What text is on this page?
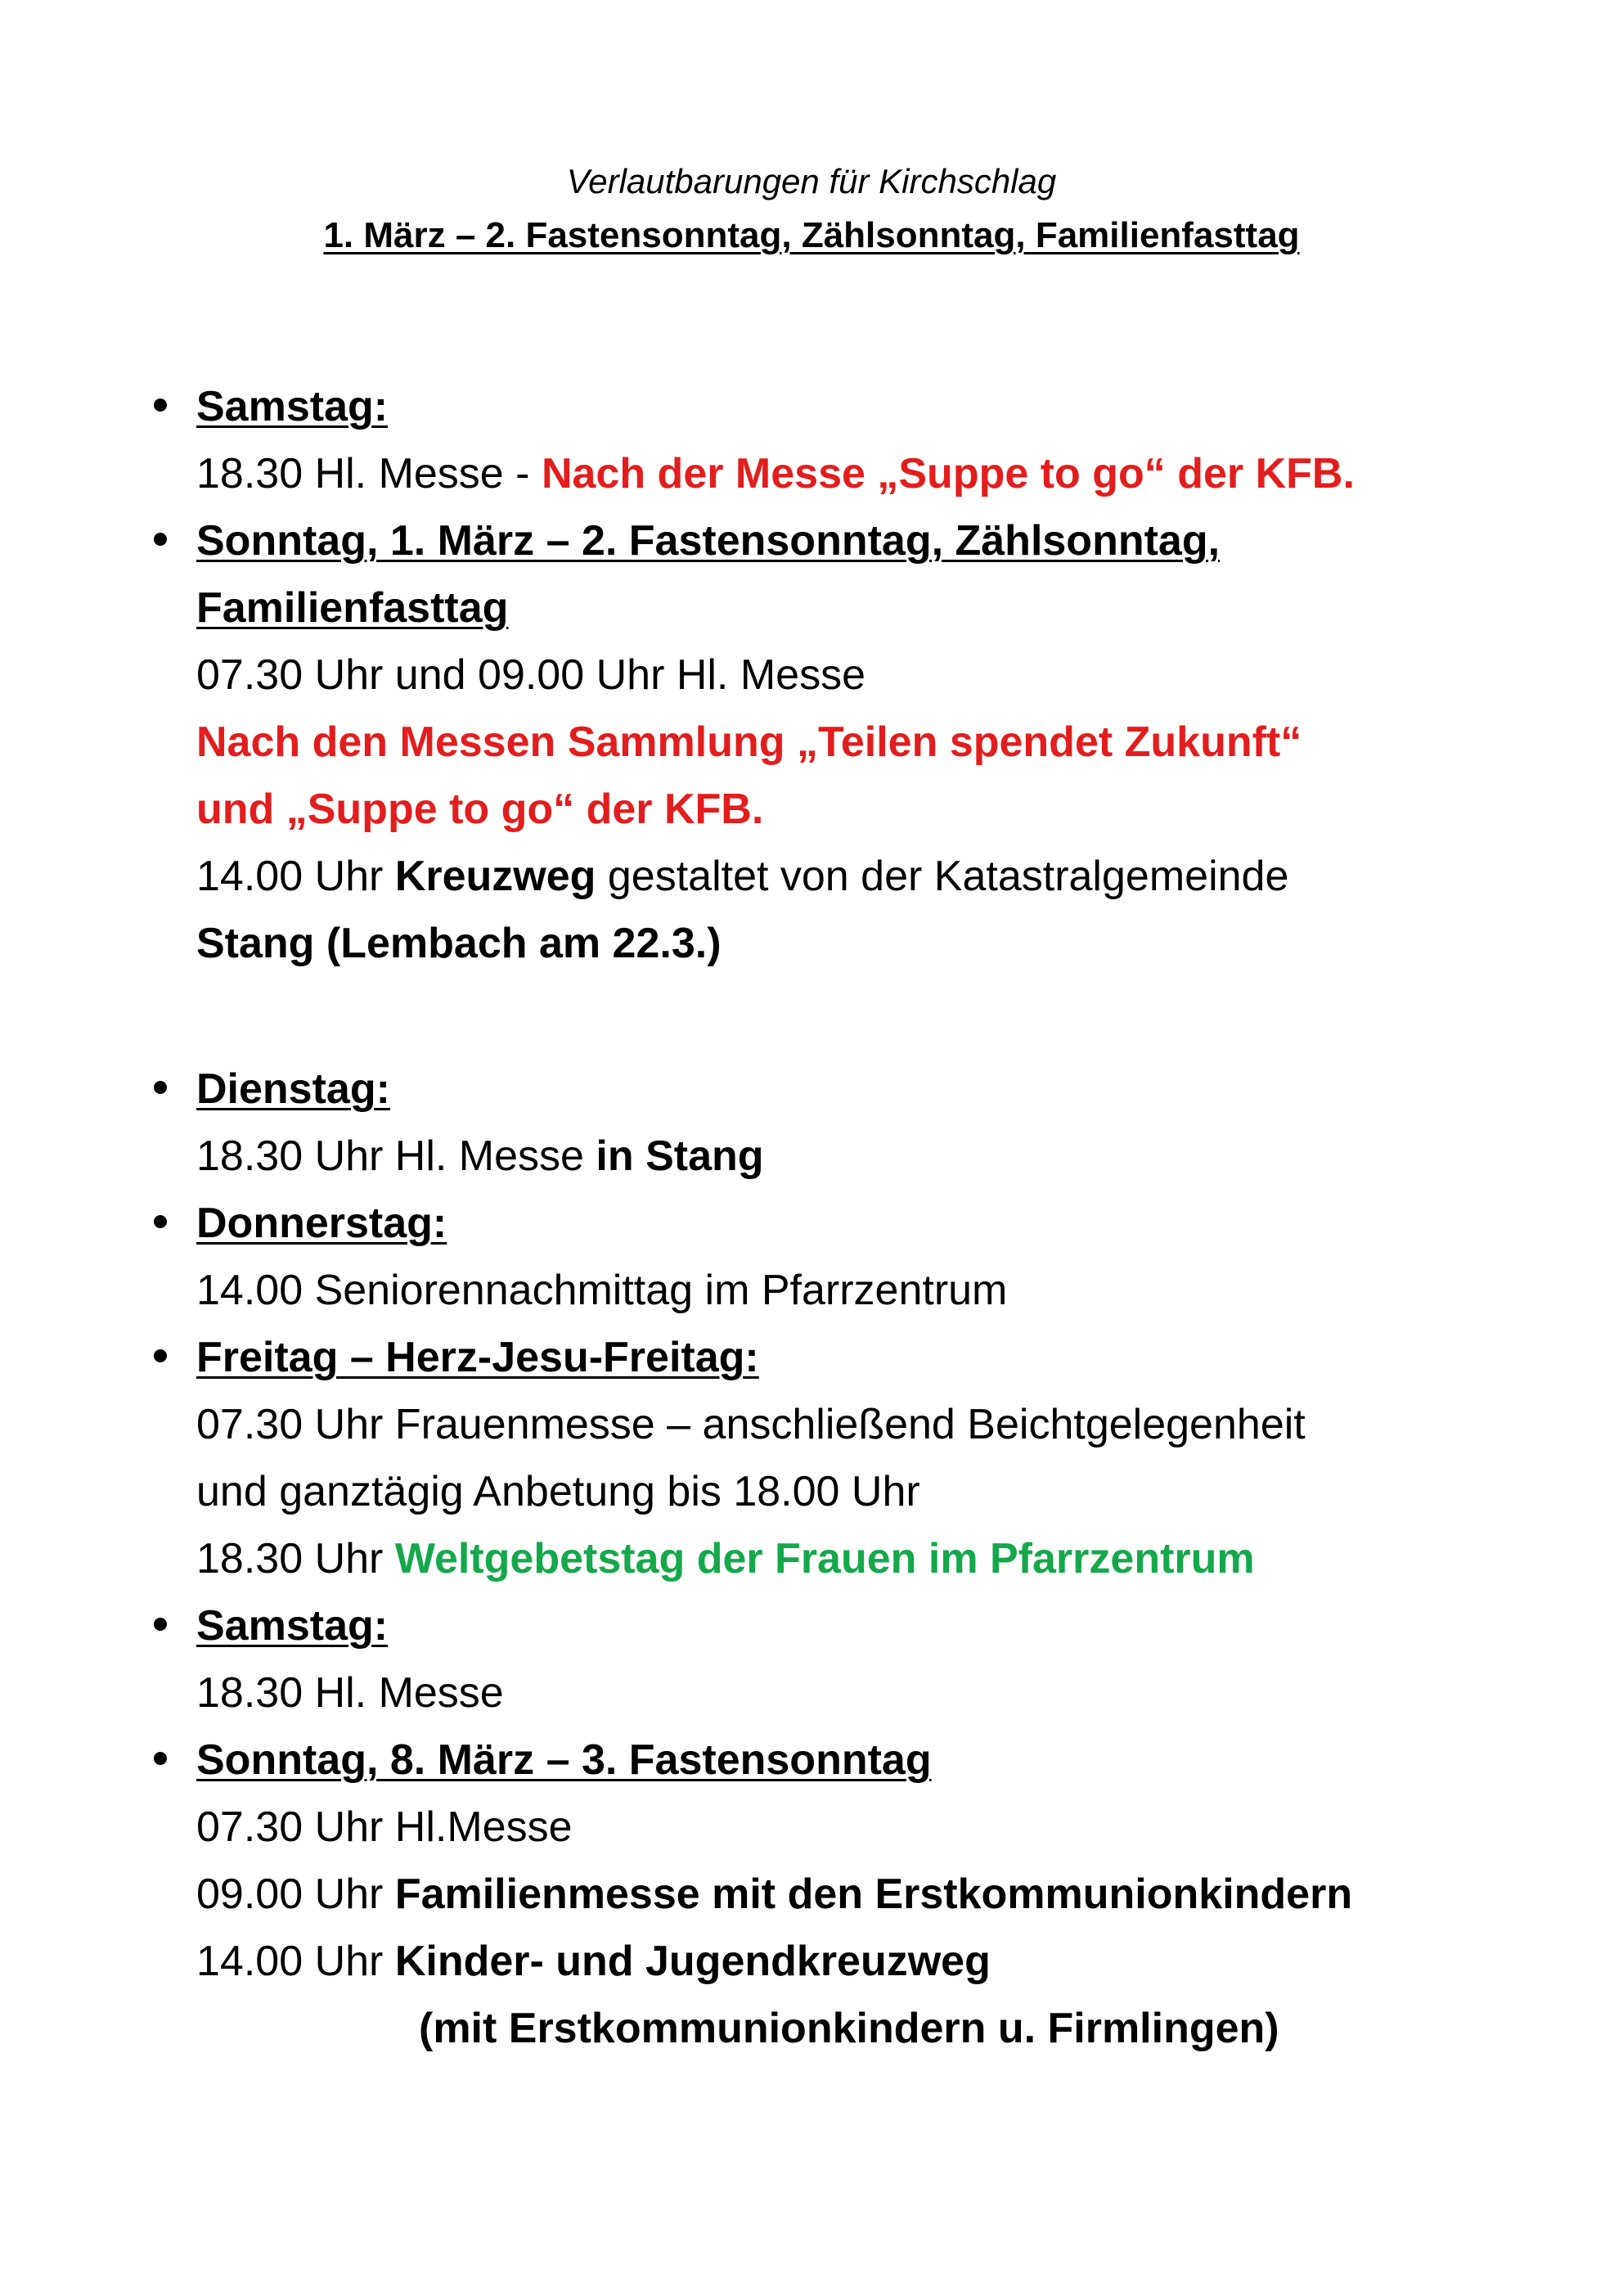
Verlautbarungen für Kirchschlag
1. März – 2. Fastensonntag, Zählsonntag, Familienfasttag
Samstag:
18.30 Hl. Messe - Nach der Messe „Suppe to go“ der KFB.
Sonntag, 1. März – 2. Fastensonntag, Zählsonntag,
Familienfasttag
07.30 Uhr und 09.00 Uhr Hl. Messe
Nach den Messen Sammlung „Teilen spendet Zukunft“
und „Suppe to go“ der KFB.
14.00 Uhr Kreuzweg gestaltet von der Katastralgemeinde
Stang (Lembach am 22.3.)
Dienstag:
18.30 Uhr Hl. Messe in Stang
Donnerstag:
14.00 Seniorennachmittag im Pfarrzentrum
Freitag – Herz-Jesu-Freitag:
07.30 Uhr Frauenmesse – anschließend Beichtgelegenheit
und ganztägig Anbetung bis 18.00 Uhr
18.30 Uhr Weltgebetstag der Frauen im Pfarrzentrum
Samstag:
18.30 Hl. Messe
Sonntag, 8. März – 3. Fastensonntag
07.30 Uhr Hl.Messe
09.00 Uhr Familienmesse mit den Erstkommunionkindern
14.00 Uhr Kinder- und Jugendkreuzweg
(mit Erstkommunionkindern u. Firmlingen)
